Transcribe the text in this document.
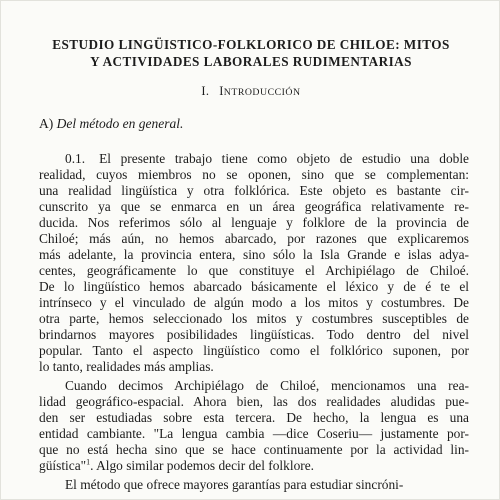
ESTUDIO LINGÜISTICO-FOLKLORICO DE CHILOE: MITOS
Y ACTIVIDADES LABORALES RUDIMENTARIAS
I. INTRODUCCIÓN
A) Del método en general.
0.1. El presente trabajo tiene como objeto de estudio una doble
realidad, cuyos miembros no se oponen, sino que se complementan:
una realidad lingüística y otra folklórica. Este objeto es bastante cir-
cunscrito ya que se enmarca en un área geográfica relativamente re-
ducida. Nos referimos sólo al lenguaje y folklore de la provincia de
Chiloé; más aún, no hemos abarcado, por razones que explicaremos
más adelante, la provincia entera, sino sólo la Isla Grande e islas adya-
centes, geográficamente lo que constituye el Archipiélago de Chiloé.
De lo lingüístico hemos abarcado básicamente el léxico y de é te el
intrínseco y el vinculado de algún modo a los mitos y costumbres. De
otra parte, hemos seleccionado los mitos y costumbres susceptibles de
brindarnos mayores posibilidades lingüísticas. Todo dentro del nivel
popular. Tanto el aspecto lingüístico como el folklórico suponen, por
lo tanto, realidades más amplias.
Cuando decimos Archipiélago de Chiloé, mencionamos una rea-
lidad geográfico-espacial. Ahora bien, las dos realidades aludidas pue-
den ser estudiadas sobre esta tercera. De hecho, la lengua es una
entidad cambiante. "La lengua cambia —dice Coseriu— justamente por-
que no está hecha sino que se hace continuamente por la actividad lin-
güística"$^1$. Algo similar podemos decir del folklore.
El método que ofrece mayores garantías para estudiar sincróni-
